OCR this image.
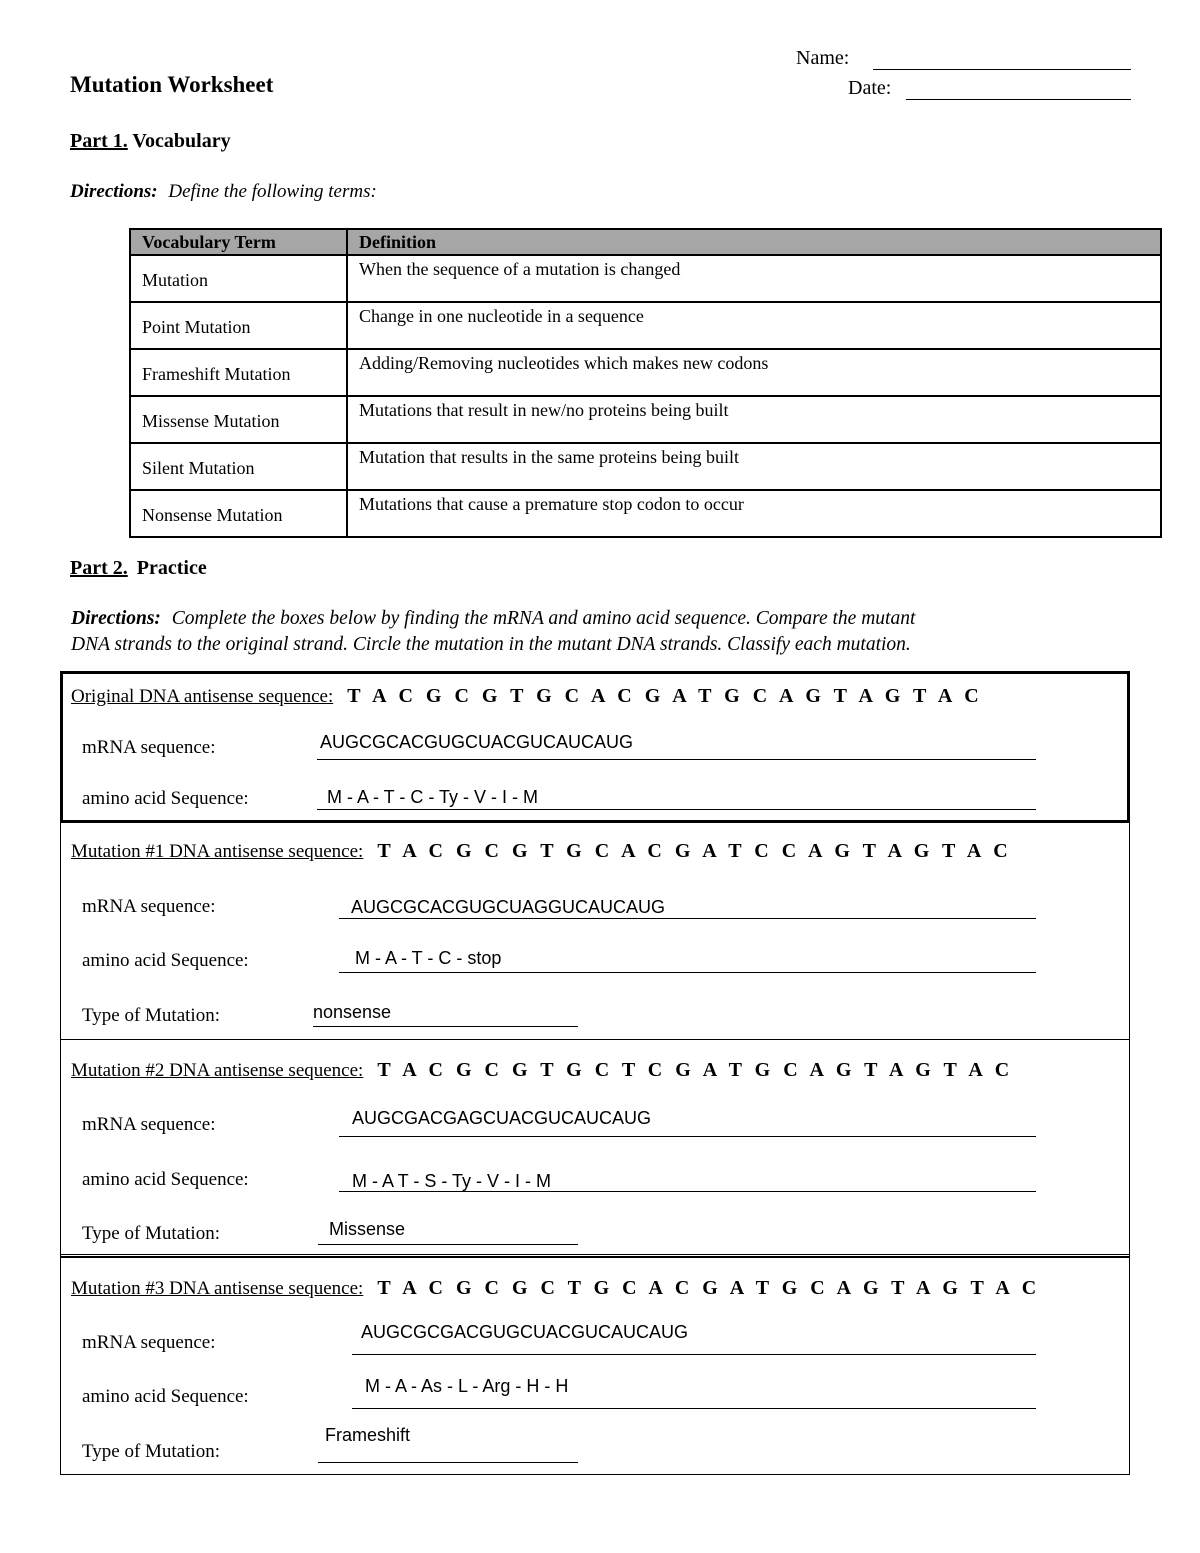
Mutation Worksheet
Name:
Date:
Part 1. Vocabulary
Directions: Define the following terms:
Vocabulary Term	Definition
Mutation	When the sequence of a mutation is changed
Point Mutation	Change in one nucleotide in a sequence
Frameshift Mutation	Adding/Removing nucleotides which makes new codons
Missense Mutation	Mutations that result in new/no proteins being built
Silent Mutation	Mutation that results in the same proteins being built
Nonsense Mutation	Mutations that cause a premature stop codon to occur
Part 2. Practice
Directions: Complete the boxes below by finding the mRNA and amino acid sequence. Compare the mutant
DNA strands to the original strand. Circle the mutation in the mutant DNA strands. Classify each mutation.
Original DNA antisense sequence: T A C G C G T G C A C G A T G C A G T A G T A C
mRNA sequence:	AUGCGCACGUGCUACGUCAUCAUG
amino acid Sequence:	M - A - T - C - Ty - V - I - M
Mutation #1 DNA antisense sequence: T A C G C G T G C A C G A T C C A G T A G T A C
mRNA sequence:	AUGCGCACGUGCUAGGUCAUCAUG
amino acid Sequence:	M - A - T - C - stop
Type of Mutation:	nonsense
Mutation #2 DNA antisense sequence: T A C G C G T G C T C G A T G C A G T A G T A C
mRNA sequence:	AUGCGACGAGCUACGUCAUCAUG
amino acid Sequence:	M - A T - S - Ty - V - I - M
Type of Mutation:	Missense
Mutation #3 DNA antisense sequence: T A C G C G C T G C A C G A T G C A G T A G T A C
mRNA sequence:	AUGCGCGACGUGCUACGUCAUCAUG
amino acid Sequence:	M - A - As - L - Arg - H - H
Type of Mutation:
Frameshift
